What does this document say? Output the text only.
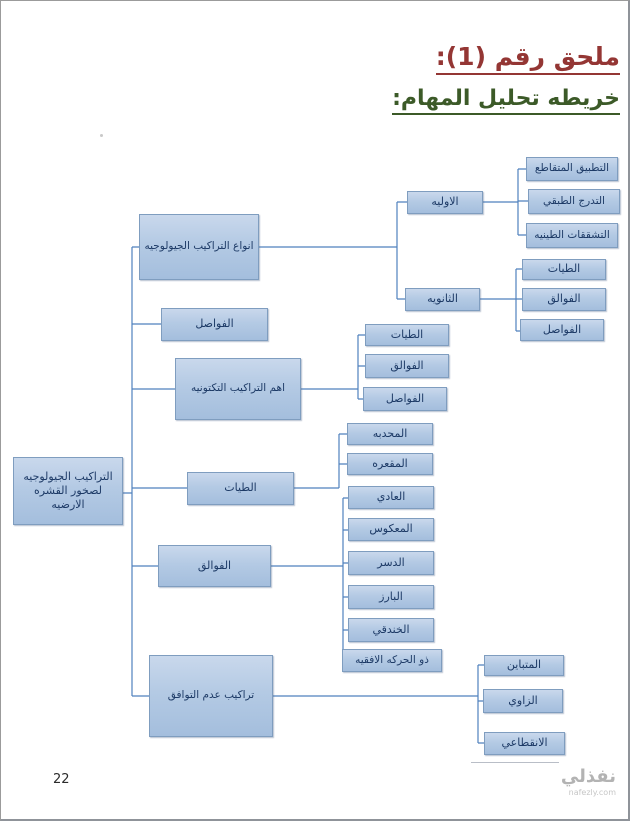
ملحق رقم (1):
خريطه تحليل المهام:
التراكيب الجيولوجيه لصخور القشره الارضيه
انواع التراكيب الجيولوجيه
الفواصل
اهم التراكيب التكتونيه
الطيات
الفوالق
تراكيب عدم التوافق
الاوليه
الثانويه
التطبيق المتقاطع
التدرج الطبقي
التشققات الطينيه
الطيات
الفوالق
الفواصل
الطيات
الفوالق
الفواصل
المحدبه
المقعره
العادي
المعكوس
الدسر
البارز
الخندقي
ذو الحركه الافقيه	المتباين
الزاوي
الانقطاعي
22	نفذلي
nafezly.com
